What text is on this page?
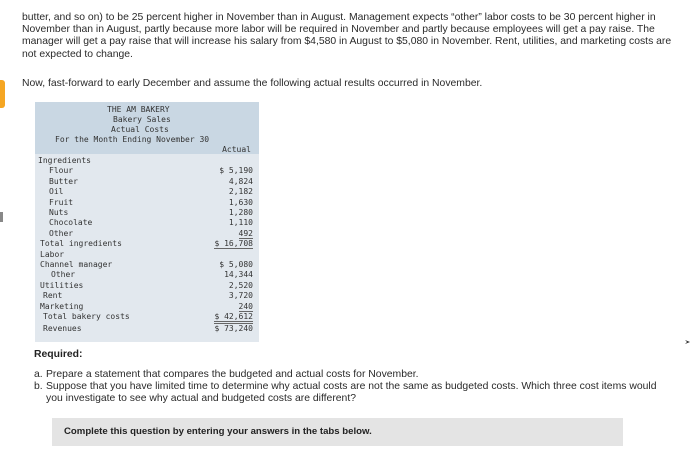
butter, and so on) to be 25 percent higher in November than in August. Management expects “other” labor costs to be 30 percent higher in November than in August, partly because more labor will be required in November and partly because employees will get a pay raise. The manager will get a pay raise that will increase his salary from $4,580 in August to $5,080 in November. Rent, utilities, and marketing costs are not expected to change.
Now, fast-forward to early December and assume the following actual results occurred in November.
THE AM BAKERY
Bakery Sales
Actual Costs
For the Month Ending November 30
Actual
Ingredients
Flour	$ 5,190
Butter	4,824
Oil	2,182
Fruit	1,630
Nuts	1,280
Chocolate	1,110
Other	492
Total ingredients	$ 16,708
Labor
Channel manager	$ 5,080
Other	14,344
Utilities	2,520
Rent	3,720
Marketing	240
Total bakery costs	$ 42,612
Revenues	$ 73,240
Required:
a. Prepare a statement that compares the budgeted and actual costs for November.
b. Suppose that you have limited time to determine why actual costs are not the same as budgeted costs. Which three cost items would you investigate to see why actual and budgeted costs are different?
Complete this question by entering your answers in the tabs below.
